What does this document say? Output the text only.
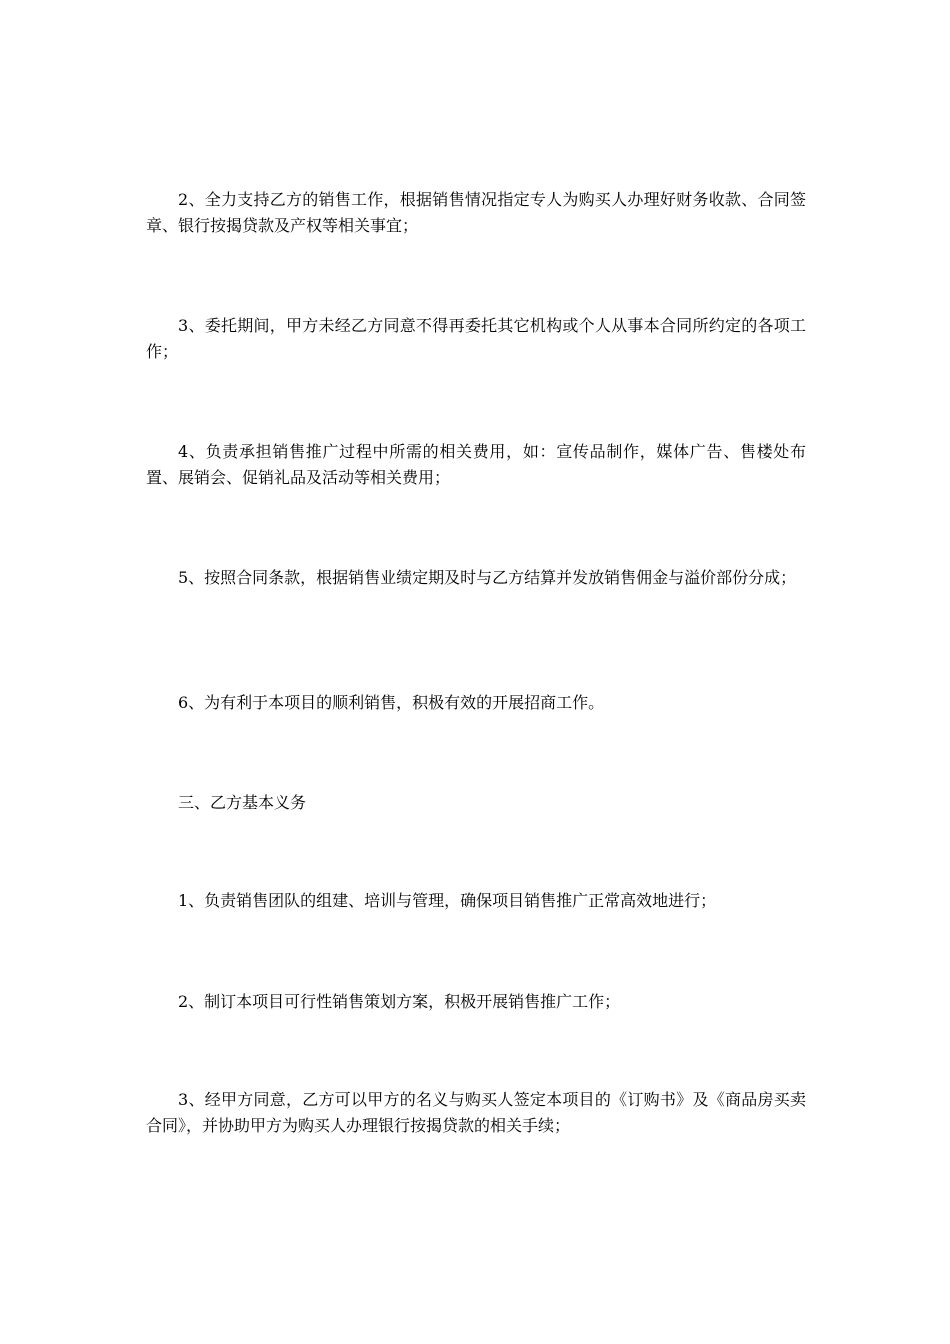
2、全力支持乙方的销售工作，根据销售情况指定专人为购买人办理好财务收款、合同签章、银行按揭贷款及产权等相关事宜；

3、委托期间，甲方未经乙方同意不得再委托其它机构或个人从事本合同所约定的各项工作；

4、负责承担销售推广过程中所需的相关费用，如：宣传品制作，媒体广告、售楼处布置、展销会、促销礼品及活动等相关费用；

5、按照合同条款，根据销售业绩定期及时与乙方结算并发放销售佣金与溢价部份分成；

6、为有利于本项目的顺利销售，积极有效的开展招商工作。

三、乙方基本义务

1、负责销售团队的组建、培训与管理，确保项目销售推广正常高效地进行；

2、制订本项目可行性销售策划方案，积极开展销售推广工作；

3、经甲方同意，乙方可以甲方的名义与购买人签定本项目的《订购书》及《商品房买卖合同》，并协助甲方为购买人办理银行按揭贷款的相关手续；
